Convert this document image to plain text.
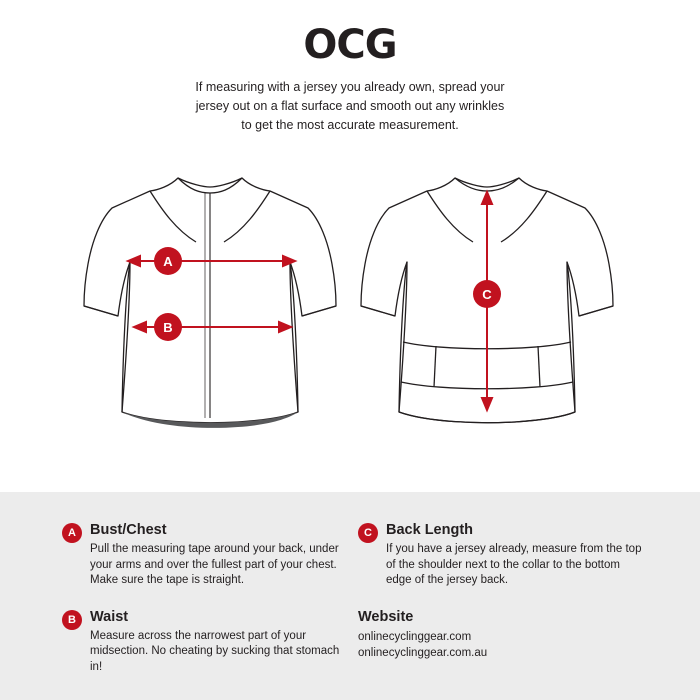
OCG
If measuring with a jersey you already own, spread your jersey out on a flat surface and smooth out any wrinkles to get the most accurate measurement.
A
B
C
A Bust/Chest
Pull the measuring tape around your back, under your arms and over the fullest part of your chest. Make sure the tape is straight.
B Waist
Measure across the narrowest part of your midsection. No cheating by sucking that stomach in!
C Back Length
If you have a jersey already, measure from the top of the shoulder next to the collar to the bottom edge of the jersey back.
Website
onlinecyclinggear.com
onlinecyclinggear.com.au
